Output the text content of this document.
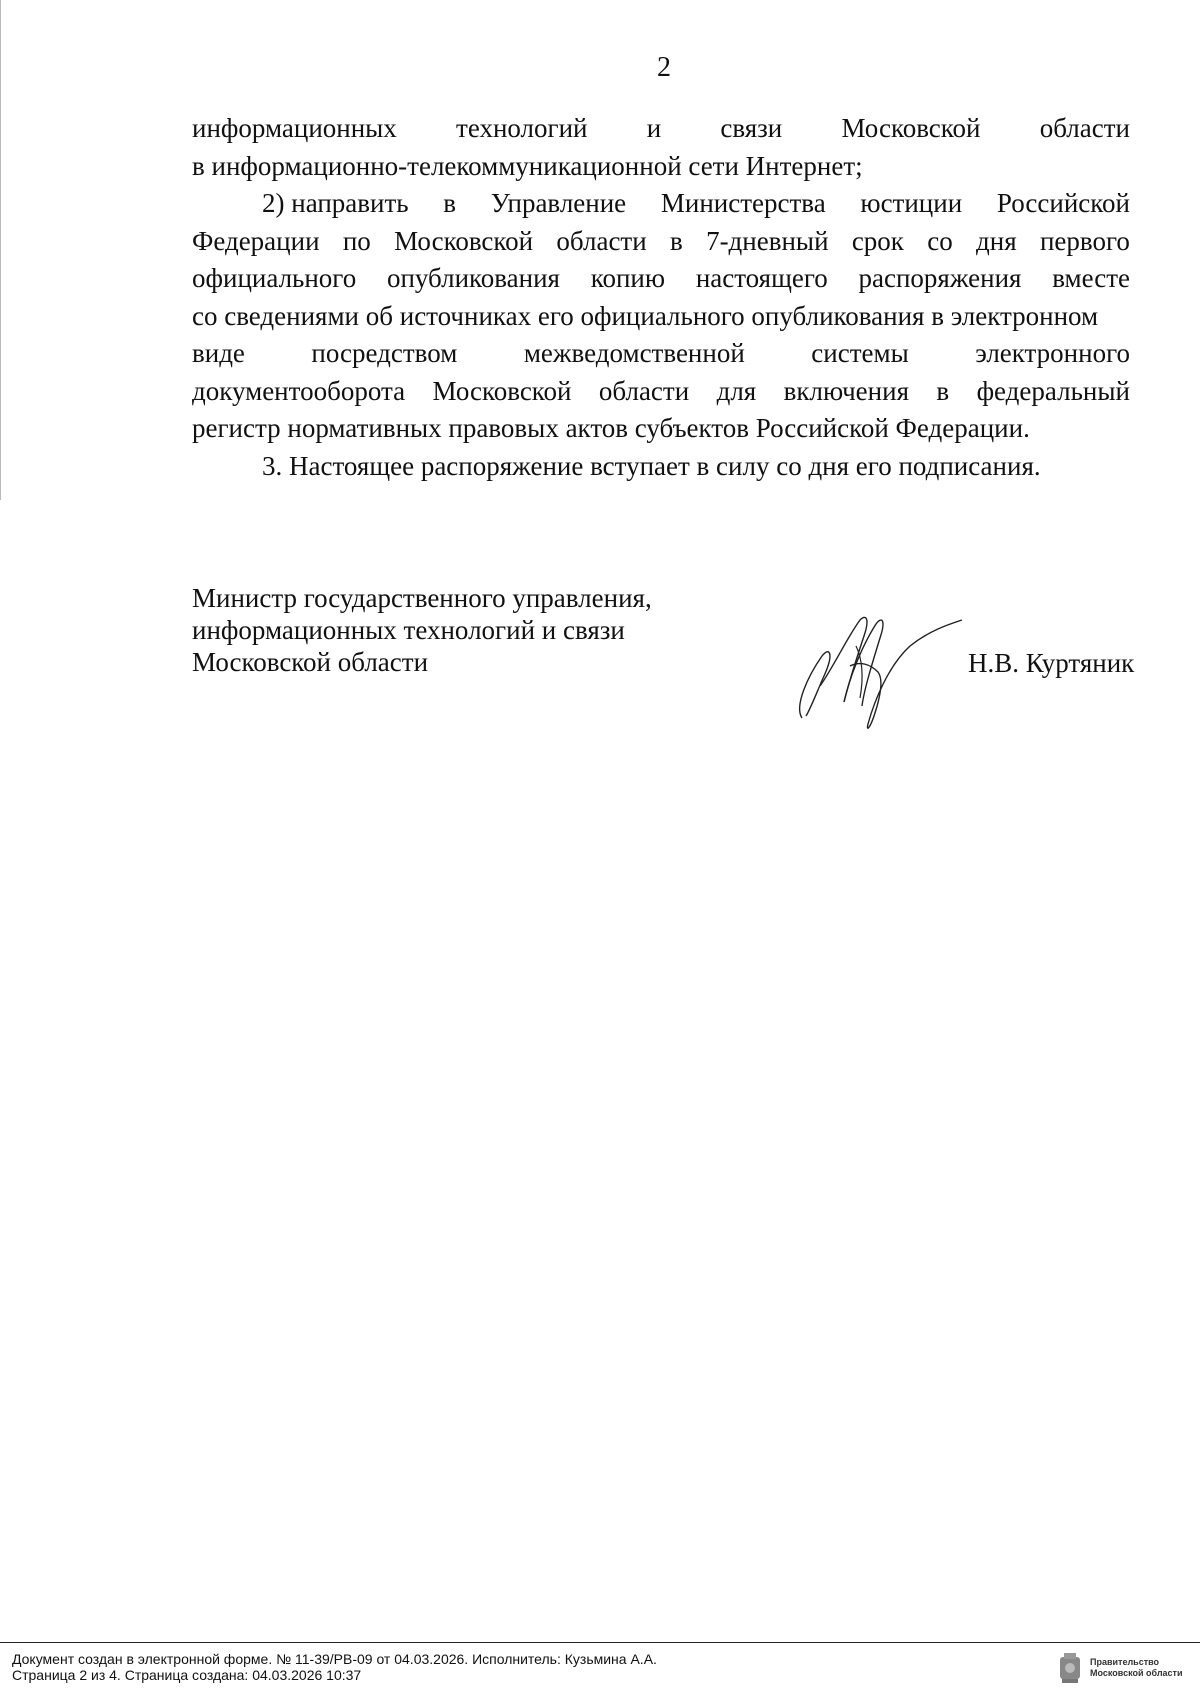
2
информационных технологий и связи Московской области
в информационно-телекоммуникационной сети Интернет;
2) направить в Управление Министерства юстиции Российской
Федерации по Московской области в 7-дневный срок со дня первого
официального опубликования копию настоящего распоряжения вместе
со сведениями об источниках его официального опубликования в электронном
виде посредством межведомственной системы электронного
документооборота Московской области для включения в федеральный
регистр нормативных правовых актов субъектов Российской Федерации.
3. Настоящее распоряжение вступает в силу со дня его подписания.
Министр государственного управления,
информационных технологий и связи
Московской области	Н.В. Куртяник
Документ создан в электронной форме. № 11-39/РВ-09 от 04.03.2026. Исполнитель: Кузьмина А.А.
Страница 2 из 4. Страница создана: 04.03.2026 10:37
Правительство
Московской области
